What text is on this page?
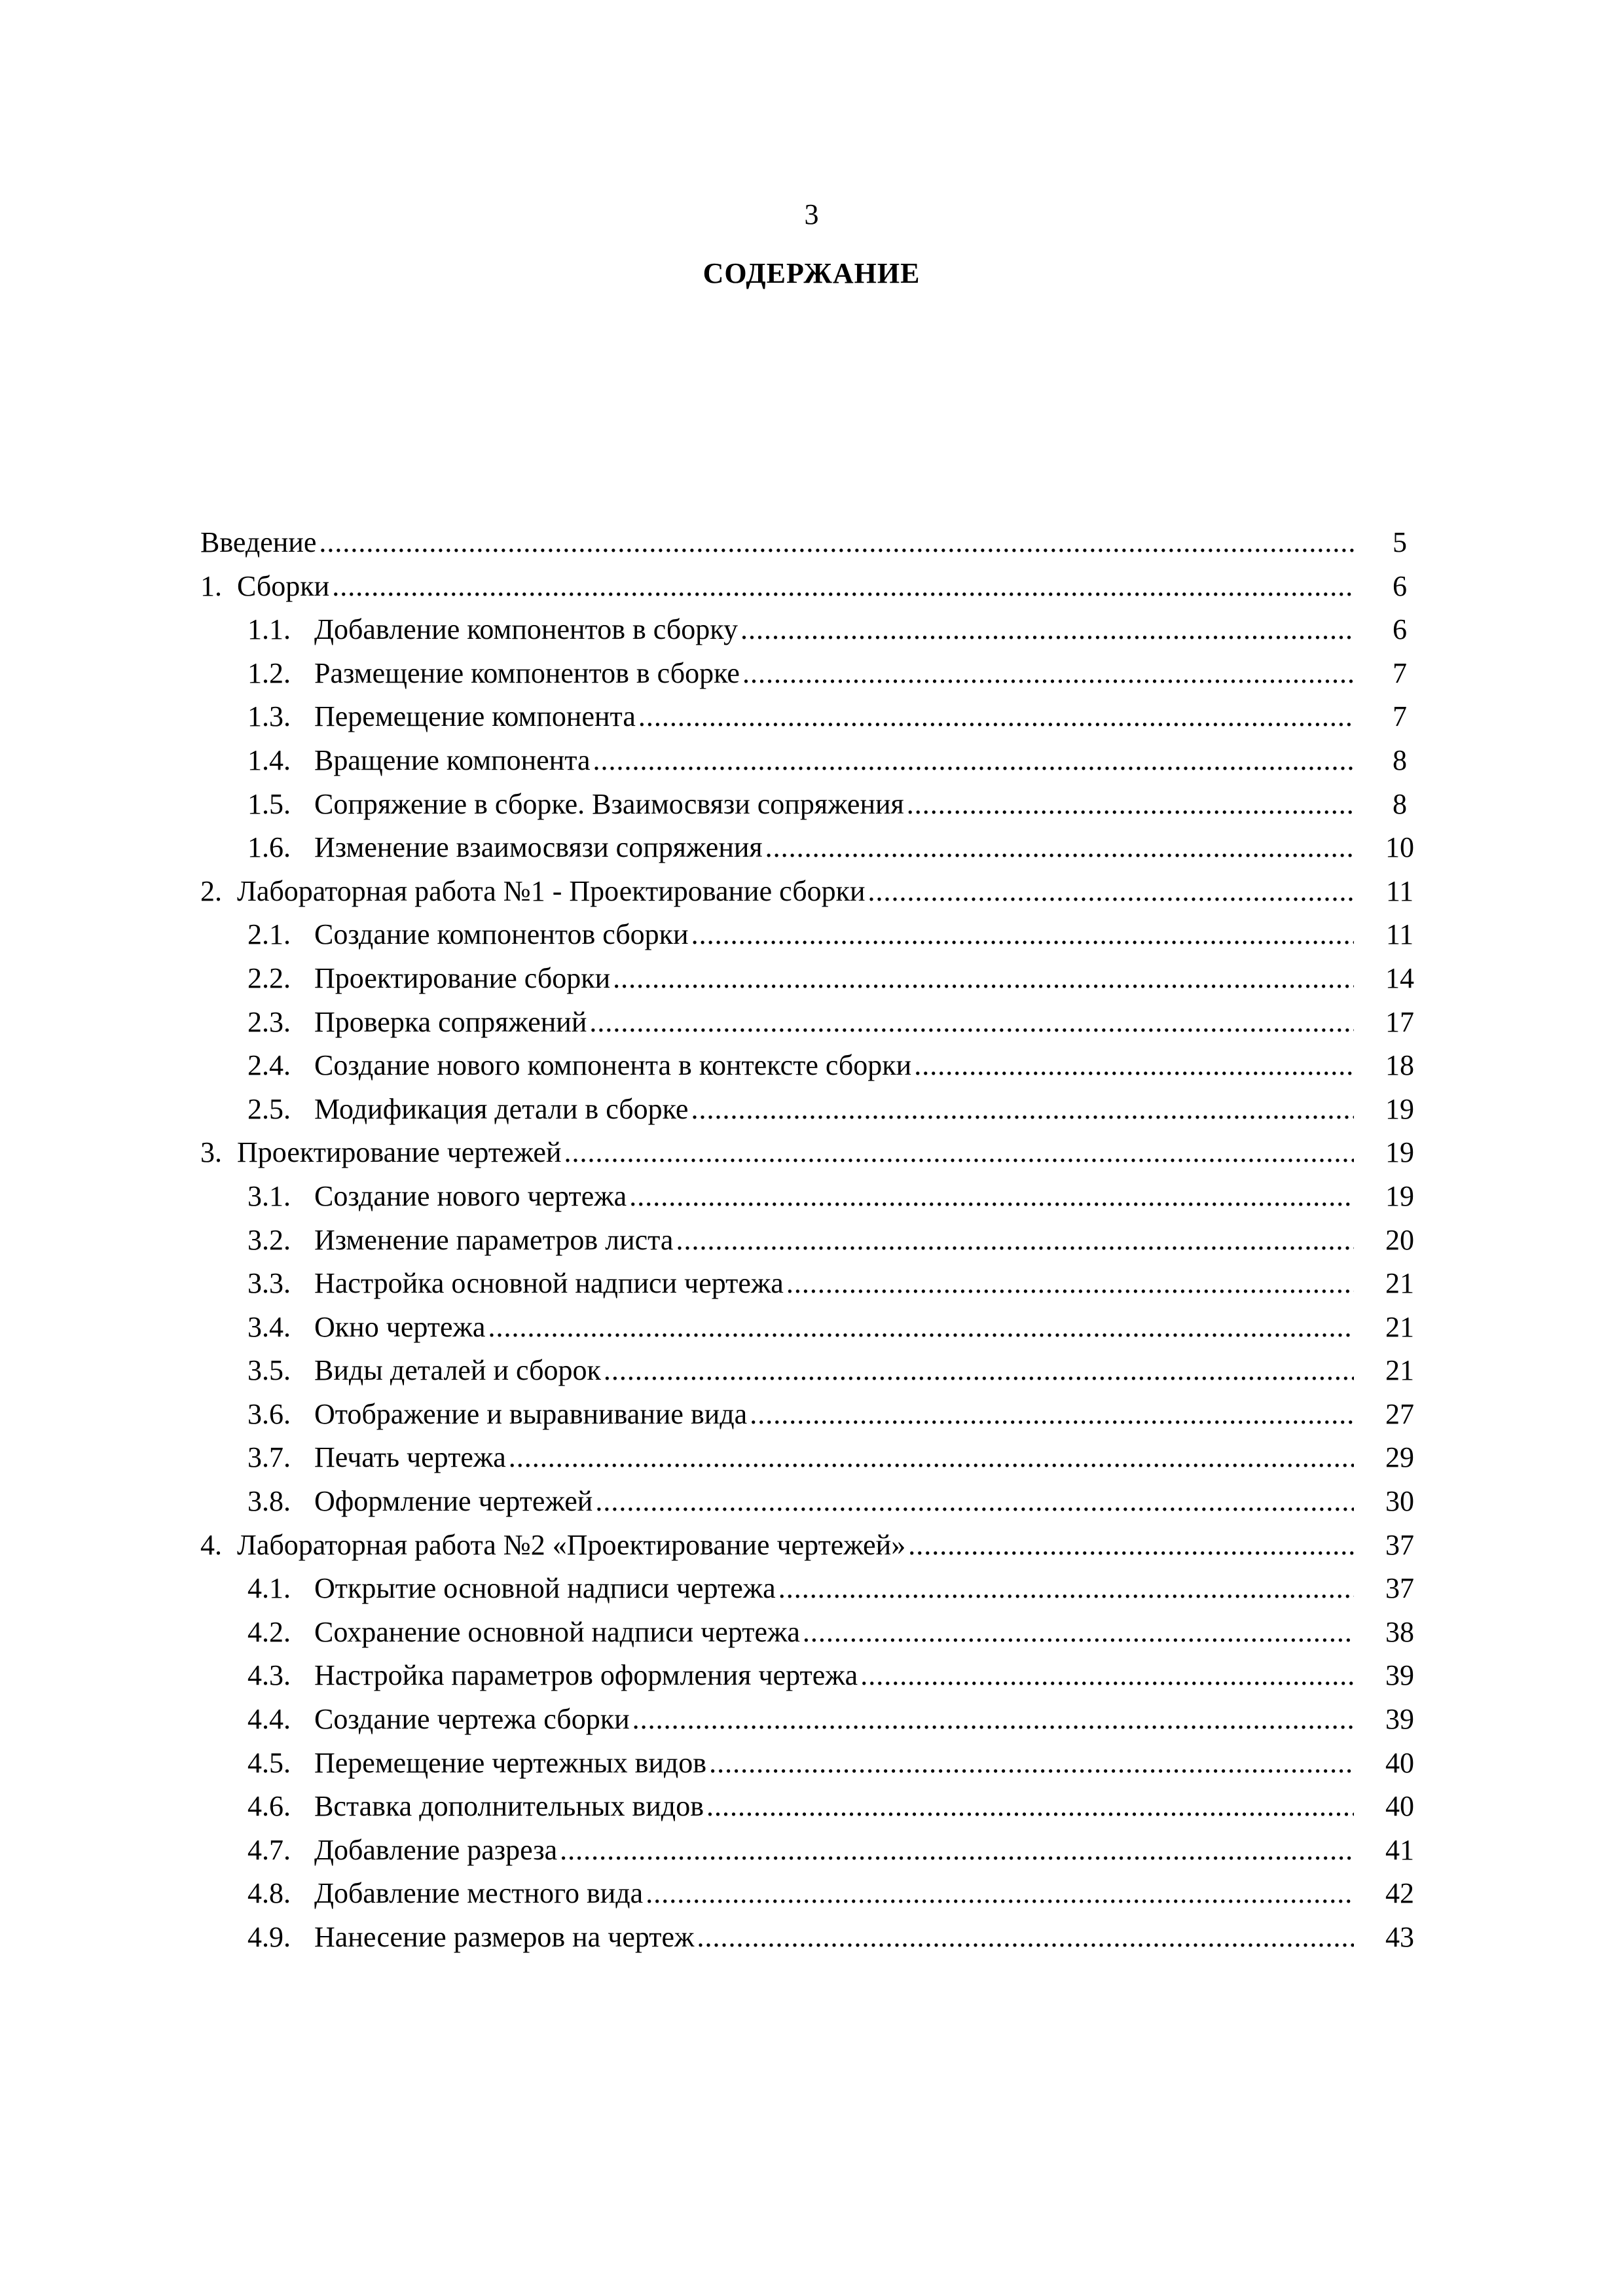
3
СОДЕРЖАНИЕ
Введение .....	5
1. Сборки .....	6
1.1. Добавление компонентов в сборку .....	6
1.2. Размещение компонентов в сборке .....	7
1.3. Перемещение компонента .....	7
1.4. Вращение компонента .....	8
1.5. Сопряжение в сборке. Взаимосвязи сопряжения .....	8
1.6. Изменение взаимосвязи сопряжения .....	10
2. Лабораторная работа №1 - Проектирование сборки .....	11
2.1. Создание компонентов сборки .....	11
2.2. Проектирование сборки .....	14
2.3. Проверка сопряжений .....	17
2.4. Создание нового компонента в контексте сборки .....	18
2.5. Модификация детали в сборке .....	19
3. Проектирование чертежей .....	19
3.1. Создание нового чертежа .....	19
3.2. Изменение параметров листа .....	20
3.3. Настройка основной надписи чертежа .....	21
3.4. Окно чертежа .....	21
3.5. Виды деталей и сборок .....	21
3.6. Отображение и выравнивание вида .....	27
3.7. Печать чертежа .....	29
3.8. Оформление чертежей .....	30
4. Лабораторная работа №2 «Проектирование чертежей» .....	37
4.1. Открытие основной надписи чертежа .....	37
4.2. Сохранение основной надписи чертежа .....	38
4.3. Настройка параметров оформления чертежа .....	39
4.4. Создание чертежа сборки .....	39
4.5. Перемещение чертежных видов .....	40
4.6. Вставка дополнительных видов .....	40
4.7. Добавление разреза .....	41
4.8. Добавление местного вида .....	42
4.9. Нанесение размеров на чертеж .....	43
